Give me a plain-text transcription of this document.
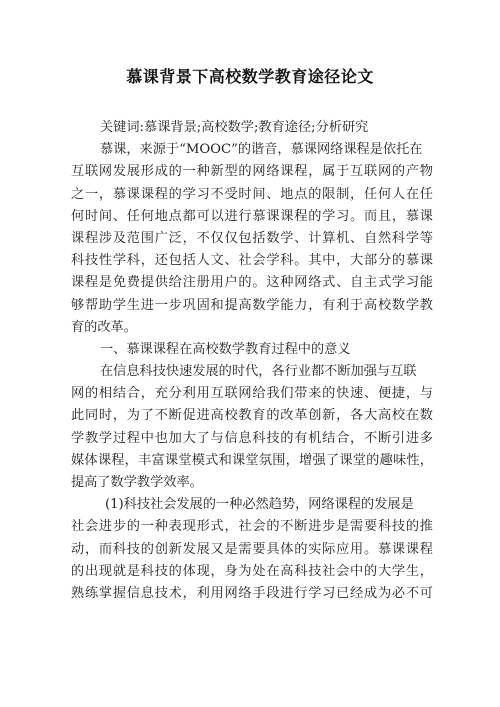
慕课背景下高校数学教育途径论文
关键词:慕课背景;高校数学;教育途径;分析研究
慕课，来源于“MOOC”的谐音，慕课网络课程是依托在
互联网发展形成的一种新型的网络课程，属于互联网的产物
之一，慕课课程的学习不受时间、地点的限制，任何人在任
何时间、任何地点都可以进行慕课课程的学习。而且，慕课
课程涉及范围广泛，不仅仅包括数学、计算机、自然科学等
科技性学科，还包括人文、社会学科。其中，大部分的慕课
课程是免费提供给注册用户的。这种网络式、自主式学习能
够帮助学生进一步巩固和提高数学能力，有利于高校数学教
育的改革。
一、慕课课程在高校数学教育过程中的意义
在信息科技快速发展的时代，各行业都不断加强与互联
网的相结合，充分利用互联网给我们带来的快速、便捷，与
此同时，为了不断促进高校教育的改革创新，各大高校在数
学教学过程中也加大了与信息科技的有机结合，不断引进多
媒体课程，丰富课堂模式和课堂氛围，增强了课堂的趣味性，
提高了数学教学效率。
(1)科技社会发展的一种必然趋势，网络课程的发展是
社会进步的一种表现形式，社会的不断进步是需要科技的推
动，而科技的创新发展又是需要具体的实际应用。慕课课程
的出现就是科技的体现，身为处在高科技社会中的大学生，
熟练掌握信息技术，利用网络手段进行学习已经成为必不可
